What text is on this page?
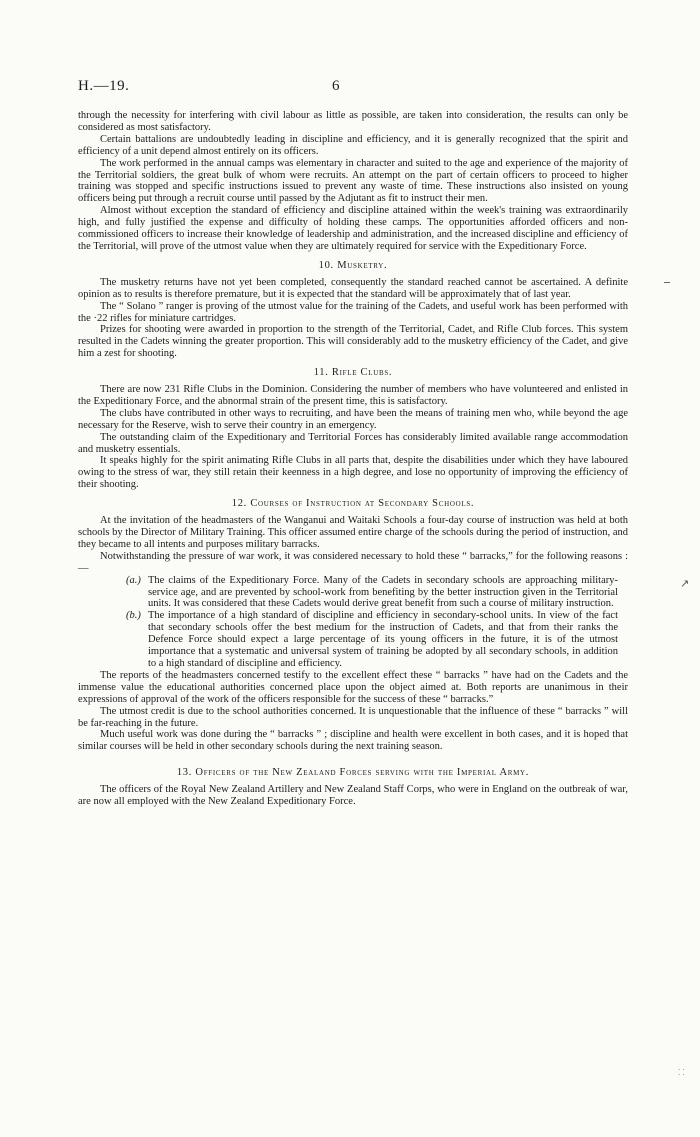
H.—19.	6

through the necessity for interfering with civil labour as little as possible, are taken into consideration, the results can only be considered as most satisfactory.

Certain battalions are undoubtedly leading in discipline and efficiency, and it is generally recognized that the spirit and efficiency of a unit depend almost entirely on its officers.

The work performed in the annual camps was elementary in character and suited to the age and experience of the majority of the Territorial soldiers, the great bulk of whom were recruits. An attempt on the part of certain officers to proceed to higher training was stopped and specific instructions issued to prevent any waste of time. These instructions also insisted on young officers being put through a recruit course until passed by the Adjutant as fit to instruct their men.

Almost without exception the standard of efficiency and discipline attained within the week's training was extraordinarily high, and fully justified the expense and difficulty of holding these camps. The opportunities afforded officers and non-commissioned officers to increase their knowledge of leadership and administration, and the increased discipline and efficiency of the Territorial, will prove of the utmost value when they are ultimately required for service with the Expeditionary Force.

10. Musketry.

The musketry returns have not yet been completed, consequently the standard reached cannot be ascertained. A definite opinion as to results is therefore premature, but it is expected that the standard will be approximately that of last year.

The “ Solano ” ranger is proving of the utmost value for the training of the Cadets, and useful work has been performed with the ·22 rifles for miniature cartridges.

Prizes for shooting were awarded in proportion to the strength of the Territorial, Cadet, and Rifle Club forces. This system resulted in the Cadets winning the greater proportion. This will considerably add to the musketry efficiency of the Cadet, and give him a zest for shooting.

11. Rifle Clubs.

There are now 231 Rifle Clubs in the Dominion. Considering the number of members who have volunteered and enlisted in the Expeditionary Force, and the abnormal strain of the present time, this is satisfactory.

The clubs have contributed in other ways to recruiting, and have been the means of training men who, while beyond the age necessary for the Reserve, wish to serve their country in an emergency.

The outstanding claim of the Expeditionary and Territorial Forces has considerably limited available range accommodation and musketry essentials.

It speaks highly for the spirit animating Rifle Clubs in all parts that, despite the disabilities under which they have laboured owing to the stress of war, they still retain their keenness in a high degree, and lose no opportunity of improving the efficiency of their shooting.

12. Courses of Instruction at Secondary Schools.

At the invitation of the headmasters of the Wanganui and Waitaki Schools a four-day course of instruction was held at both schools by the Director of Military Training. This officer assumed entire charge of the schools during the period of instruction, and they became to all intents and purposes military barracks.

Notwithstanding the pressure of war work, it was considered necessary to hold these “ barracks,” for the following reasons :—

(a.) The claims of the Expeditionary Force. Many of the Cadets in secondary schools are approaching military-service age, and are prevented by school-work from benefiting by the better instruction given in the Territorial units. It was considered that these Cadets would derive great benefit from such a course of military instruction.
(b.) The importance of a high standard of discipline and efficiency in secondary-school units. In view of the fact that secondary schools offer the best medium for the instruction of Cadets, and that from their ranks the Defence Force should expect a large percentage of its young officers in the future, it is of the utmost importance that a systematic and universal system of training be adopted by all secondary schools, in addition to a high standard of discipline and efficiency.

The reports of the headmasters concerned testify to the excellent effect these “ barracks ” have had on the Cadets and the immense value the educational authorities concerned place upon the object aimed at. Both reports are unanimous in their expressions of approval of the work of the officers responsible for the success of these “ barracks.”

The utmost credit is due to the school authorities concerned. It is unquestionable that the influence of these “ barracks ” will be far-reaching in the future.

Much useful work was done during the “ barracks ” ; discipline and health were excellent in both cases, and it is hoped that similar courses will be held in other secondary schools during the next training season.

13. Officers of the New Zealand Forces serving with the Imperial Army.

The officers of the Royal New Zealand Artillery and New Zealand Staff Corps, who were in England on the outbreak of war, are now all employed with the New Zealand Expeditionary Force.

↗
· · · ·
